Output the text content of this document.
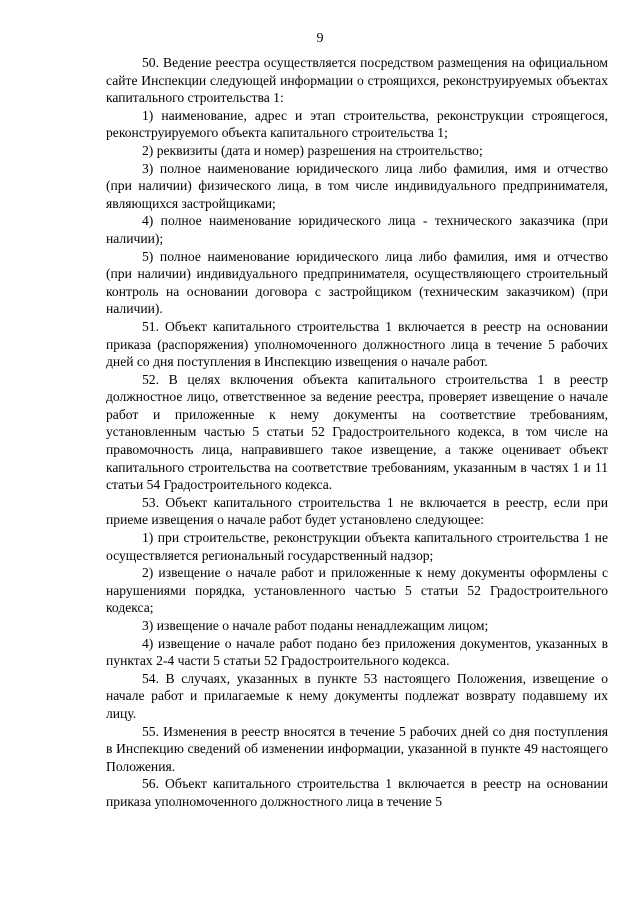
9

50. Ведение реестра осуществляется посредством размещения на официальном сайте Инспекции следующей информации о строящихся, реконструируемых объектах капитального строительства 1:

1) наименование, адрес и этап строительства, реконструкции строящегося, реконструируемого объекта капитального строительства 1;

2) реквизиты (дата и номер) разрешения на строительство;

3) полное наименование юридического лица либо фамилия, имя и отчество (при наличии) физического лица, в том числе индивидуального предпринимателя, являющихся застройщиками;

4) полное наименование юридического лица - технического заказчика (при наличии);

5) полное наименование юридического лица либо фамилия, имя и отчество (при наличии) индивидуального предпринимателя, осуществляющего строительный контроль на основании договора с застройщиком (техническим заказчиком) (при наличии).

51. Объект капитального строительства 1 включается в реестр на основании приказа (распоряжения) уполномоченного должностного лица в течение 5 рабочих дней со дня поступления в Инспекцию извещения о начале работ.

52. В целях включения объекта капитального строительства 1 в реестр должностное лицо, ответственное за ведение реестра, проверяет извещение о начале работ и приложенные к нему документы на соответствие требованиям, установленным частью 5 статьи 52 Градостроительного кодекса, в том числе на правомочность лица, направившего такое извещение, а также оценивает объект капитального строительства на соответствие требованиям, указанным в частях 1 и 11 статьи 54 Градостроительного кодекса.

53. Объект капитального строительства 1 не включается в реестр, если при приеме извещения о начале работ будет установлено следующее:

1) при строительстве, реконструкции объекта капитального строительства 1 не осуществляется региональный государственный надзор;

2) извещение о начале работ и приложенные к нему документы оформлены с нарушениями порядка, установленного частью 5 статьи 52 Градостроительного кодекса;

3) извещение о начале работ поданы ненадлежащим лицом;

4) извещение о начале работ подано без приложения документов, указанных в пунктах 2-4 части 5 статьи 52 Градостроительного кодекса.

54. В случаях, указанных в пункте 53 настоящего Положения, извещение о начале работ и прилагаемые к нему документы подлежат возврату подавшему их лицу.

55. Изменения в реестр вносятся в течение 5 рабочих дней со дня поступления в Инспекцию сведений об изменении информации, указанной в пункте 49 настоящего Положения.

56. Объект капитального строительства 1 включается в реестр на основании приказа уполномоченного должностного лица в течение 5
